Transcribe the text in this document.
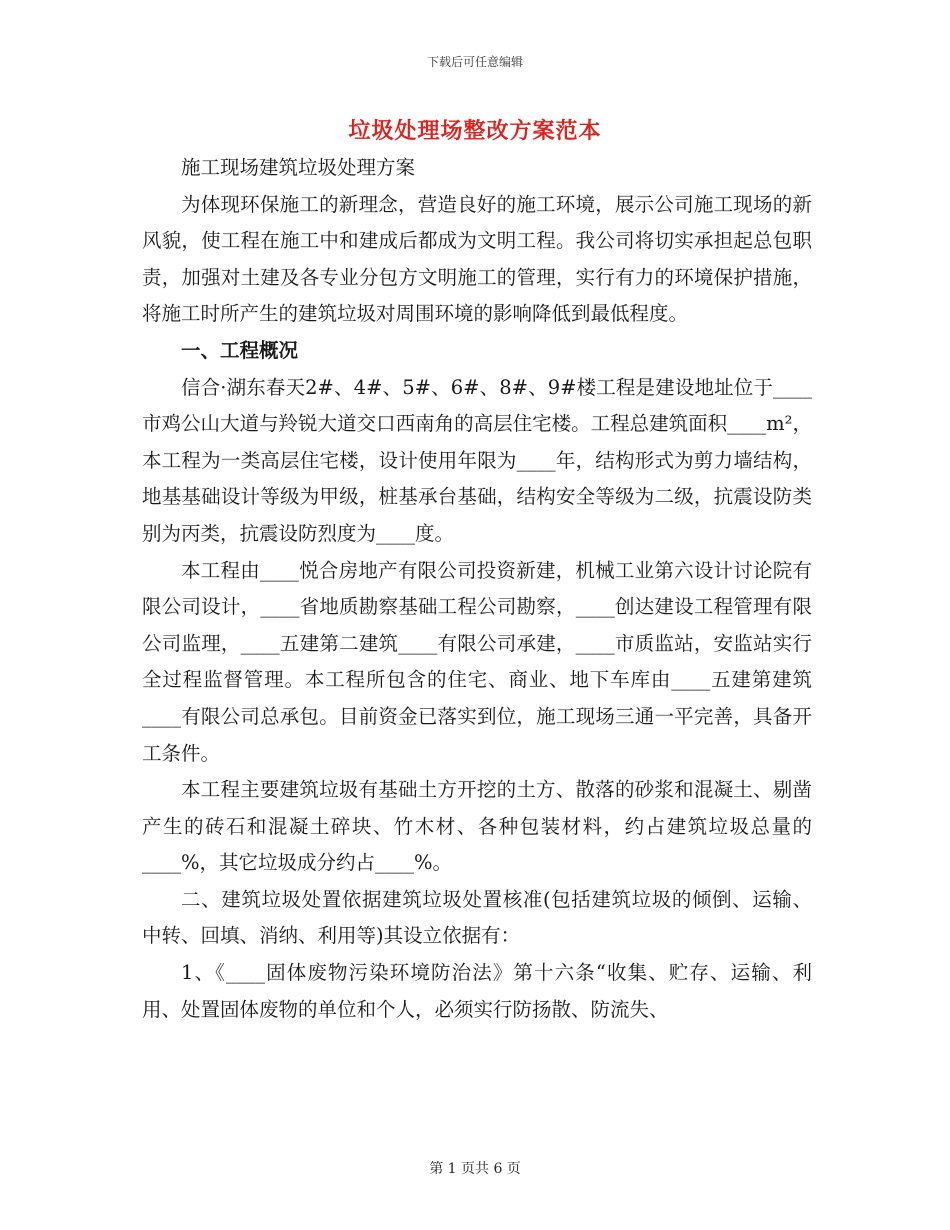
下载后可任意编辑
垃圾处理场整改方案范本

施工现场建筑垃圾处理方案

为体现环保施工的新理念，营造良好的施工环境，展示公司施工现场的新风貌，使工程在施工中和建成后都成为文明工程。我公司将切实承担起总包职责，加强对土建及各专业分包方文明施工的管理，实行有力的环境保护措施，将施工时所产生的建筑垃圾对周围环境的影响降低到最低程度。

一、工程概况

信合·湖东春天2#、4#、5#、6#、8#、9#楼工程是建设地址位于____市鸡公山大道与羚锐大道交口西南角的高层住宅楼。工程总建筑面积____m²，本工程为一类高层住宅楼，设计使用年限为____年，结构形式为剪力墙结构，地基基础设计等级为甲级，桩基承台基础，结构安全等级为二级，抗震设防类别为丙类，抗震设防烈度为____度。

本工程由____悦合房地产有限公司投资新建，机械工业第六设计讨论院有限公司设计，____省地质勘察基础工程公司勘察，____创达建设工程管理有限公司监理，____五建第二建筑____有限公司承建，____市质监站，安监站实行全过程监督管理。本工程所包含的住宅、商业、地下车库由____五建第建筑____有限公司总承包。目前资金已落实到位，施工现场三通一平完善，具备开工条件。

本工程主要建筑垃圾有基础土方开挖的土方、散落的砂浆和混凝土、剔凿产生的砖石和混凝土碎块、竹木材、各种包装材料，约占建筑垃圾总量的____%，其它垃圾成分约占____%。

二、建筑垃圾处置依据建筑垃圾处置核准(包括建筑垃圾的倾倒、运输、中转、回填、消纳、利用等)其设立依据有：

1、《____固体废物污染环境防治法》第十六条“收集、贮存、运输、利用、处置固体废物的单位和个人，必须实行防扬散、防流失、

第 1 页共 6 页
